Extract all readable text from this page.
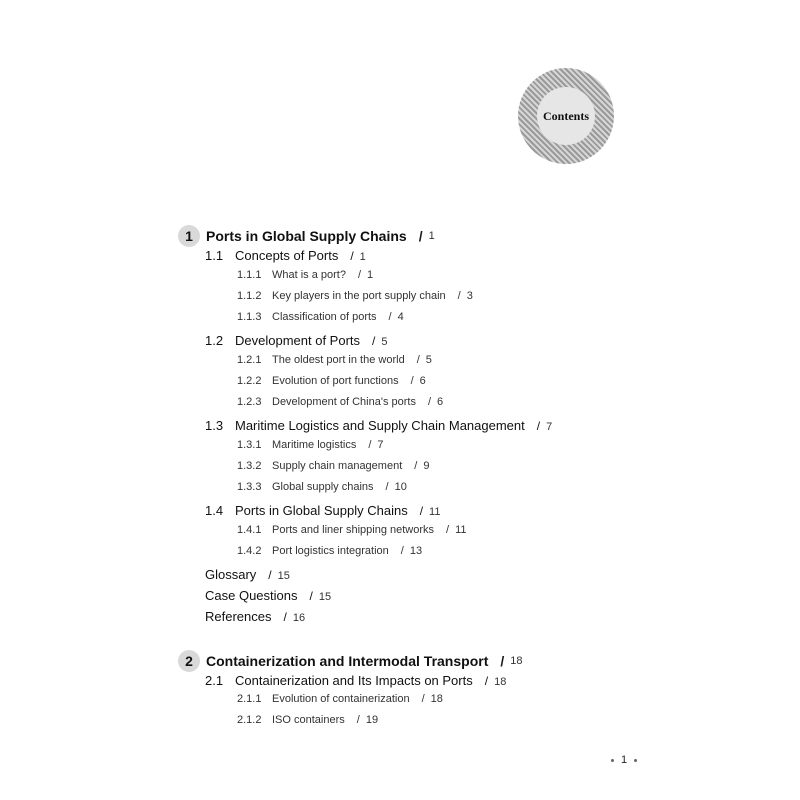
Contents
1 Ports in Global Supply Chains / 1
1.1 Concepts of Ports / 1
1.1.1 What is a port? / 1
1.1.2 Key players in the port supply chain / 3
1.1.3 Classification of ports / 4
1.2 Development of Ports / 5
1.2.1 The oldest port in the world / 5
1.2.2 Evolution of port functions / 6
1.2.3 Development of China's ports / 6
1.3 Maritime Logistics and Supply Chain Management / 7
1.3.1 Maritime logistics / 7
1.3.2 Supply chain management / 9
1.3.3 Global supply chains / 10
1.4 Ports in Global Supply Chains / 11
1.4.1 Ports and liner shipping networks / 11
1.4.2 Port logistics integration / 13
Glossary / 15
Case Questions / 15
References / 16
2 Containerization and Intermodal Transport / 18
2.1 Containerization and Its Impacts on Ports / 18
2.1.1 Evolution of containerization / 18
2.1.2 ISO containers / 19
1
